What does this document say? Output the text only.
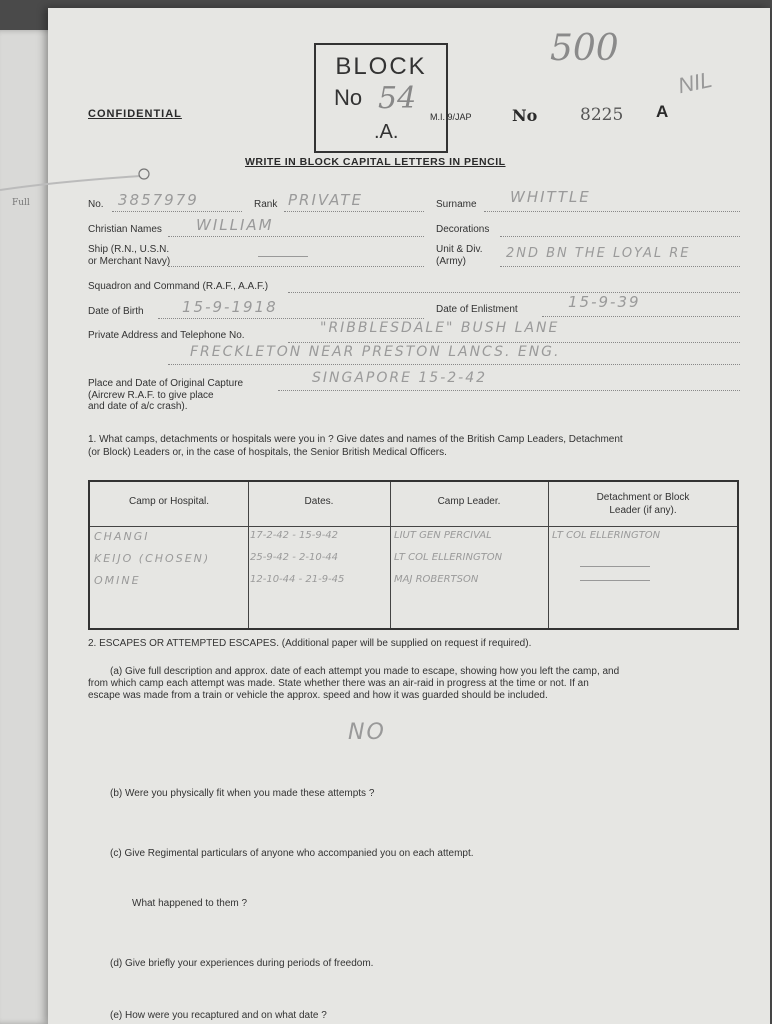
Full
BLOCK
No 54
.A.
500
NIL
M.I. 9/JAP	No	8225 A
CONFIDENTIAL
WRITE IN BLOCK CAPITAL LETTERS IN PENCIL
No. 3857979	Rank PRIVATE	Surname WHITTLE
Christian Names WILLIAM	Decorations
Ship (R.N., U.S.N.
or Merchant Navy)
Unit & Div.
(Army)
2ND BN THE LOYAL RE
Squadron and Command (R.A.F., A.A.F.)
Date of Birth	15-9-1918	Date of Enlistment	15-9-39
Private Address and Telephone No.	"RIBBLESDALE" BUSH LANE
FRECKLETON NEAR PRESTON LANCS. ENG.
Place and Date of Original Capture
(Aircrew R.A.F. to give place
and date of a/c crash).
SINGAPORE 15-2-42
1. What camps, detachments or hospitals were you in ? Give dates and names of the British Camp Leaders, Detachment
(or Block) Leaders or, in the case of hospitals, the Senior British Medical Officers.
Camp or Hospital.	Dates.	Camp Leader.	Detachment or Block
Leader (if any).
CHANGI	17-2-42 - 15-9-42	LIUT GEN PERCIVAL	LT COL ELLERINGTON
KEIJO (CHOSEN)	25-9-42 - 2-10-44	LT COL ELLERINGTON
OMINE	12-10-44 - 21-9-45	MAJ ROBERTSON
2. ESCAPES OR ATTEMPTED ESCAPES. (Additional paper will be supplied on request if required).
(a) Give full description and approx. date of each attempt you made to escape, showing how you left the camp, and
from which camp each attempt was made. State whether there was an air-raid in progress at the time or not. If an
escape was made from a train or vehicle the approx. speed and how it was guarded should be included.
NO
(b) Were you physically fit when you made these attempts ?
(c) Give Regimental particulars of anyone who accompanied you on each attempt.
What happened to them ?
(d) Give briefly your experiences during periods of freedom.
(e) How were you recaptured and on what date ?
